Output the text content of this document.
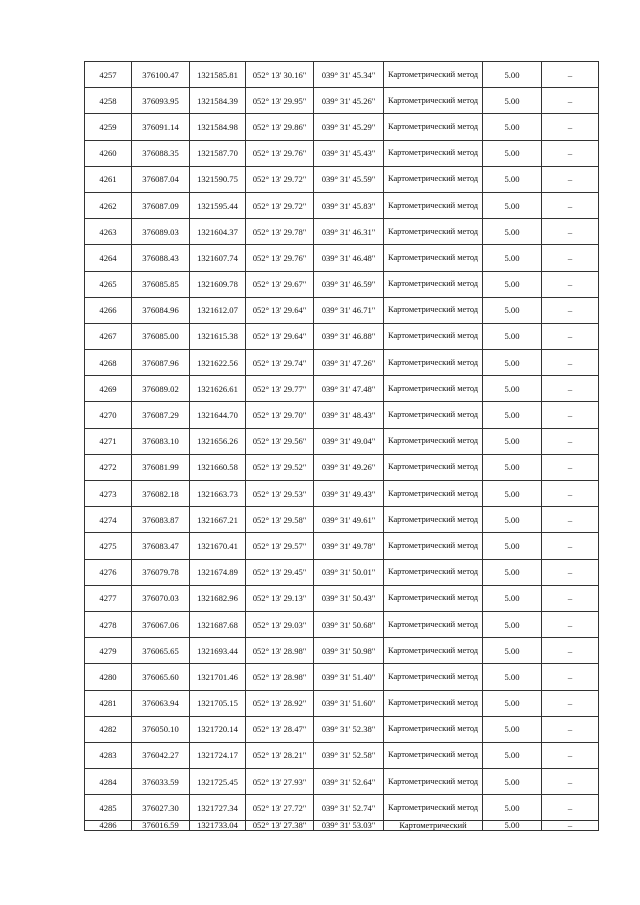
4257	376100.47	1321585.81	052° 13' 30.16"	039° 31' 45.34"	Картометрический метод	5.00	–
4258	376093.95	1321584.39	052° 13' 29.95"	039° 31' 45.26"	Картометрический метод	5.00	–
4259	376091.14	1321584.98	052° 13' 29.86"	039° 31' 45.29"	Картометрический метод	5.00	–
4260	376088.35	1321587.70	052° 13' 29.76"	039° 31' 45.43"	Картометрический метод	5.00	–
4261	376087.04	1321590.75	052° 13' 29.72"	039° 31' 45.59"	Картометрический метод	5.00	–
4262	376087.09	1321595.44	052° 13' 29.72"	039° 31' 45.83"	Картометрический метод	5.00	–
4263	376089.03	1321604.37	052° 13' 29.78"	039° 31' 46.31"	Картометрический метод	5.00	–
4264	376088.43	1321607.74	052° 13' 29.76"	039° 31' 46.48"	Картометрический метод	5.00	–
4265	376085.85	1321609.78	052° 13' 29.67"	039° 31' 46.59"	Картометрический метод	5.00	–
4266	376084.96	1321612.07	052° 13' 29.64"	039° 31' 46.71"	Картометрический метод	5.00	–
4267	376085.00	1321615.38	052° 13' 29.64"	039° 31' 46.88"	Картометрический метод	5.00	–
4268	376087.96	1321622.56	052° 13' 29.74"	039° 31' 47.26"	Картометрический метод	5.00	–
4269	376089.02	1321626.61	052° 13' 29.77"	039° 31' 47.48"	Картометрический метод	5.00	–
4270	376087.29	1321644.70	052° 13' 29.70"	039° 31' 48.43"	Картометрический метод	5.00	–
4271	376083.10	1321656.26	052° 13' 29.56"	039° 31' 49.04"	Картометрический метод	5.00	–
4272	376081.99	1321660.58	052° 13' 29.52"	039° 31' 49.26"	Картометрический метод	5.00	–
4273	376082.18	1321663.73	052° 13' 29.53"	039° 31' 49.43"	Картометрический метод	5.00	–
4274	376083.87	1321667.21	052° 13' 29.58"	039° 31' 49.61"	Картометрический метод	5.00	–
4275	376083.47	1321670.41	052° 13' 29.57"	039° 31' 49.78"	Картометрический метод	5.00	–
4276	376079.78	1321674.89	052° 13' 29.45"	039° 31' 50.01"	Картометрический метод	5.00	–
4277	376070.03	1321682.96	052° 13' 29.13"	039° 31' 50.43"	Картометрический метод	5.00	–
4278	376067.06	1321687.68	052° 13' 29.03"	039° 31' 50.68"	Картометрический метод	5.00	–
4279	376065.65	1321693.44	052° 13' 28.98"	039° 31' 50.98"	Картометрический метод	5.00	–
4280	376065.60	1321701.46	052° 13' 28.98"	039° 31' 51.40"	Картометрический метод	5.00	–
4281	376063.94	1321705.15	052° 13' 28.92"	039° 31' 51.60"	Картометрический метод	5.00	–
4282	376050.10	1321720.14	052° 13' 28.47"	039° 31' 52.38"	Картометрический метод	5.00	–
4283	376042.27	1321724.17	052° 13' 28.21"	039° 31' 52.58"	Картометрический метод	5.00	–
4284	376033.59	1321725.45	052° 13' 27.93"	039° 31' 52.64"	Картометрический метод	5.00	–
4285	376027.30	1321727.34	052° 13' 27.72"	039° 31' 52.74"	Картометрический метод	5.00	–
4286	376016.59	1321733.04	052° 13' 27.38"	039° 31' 53.03"	Картометрический	5.00	–
